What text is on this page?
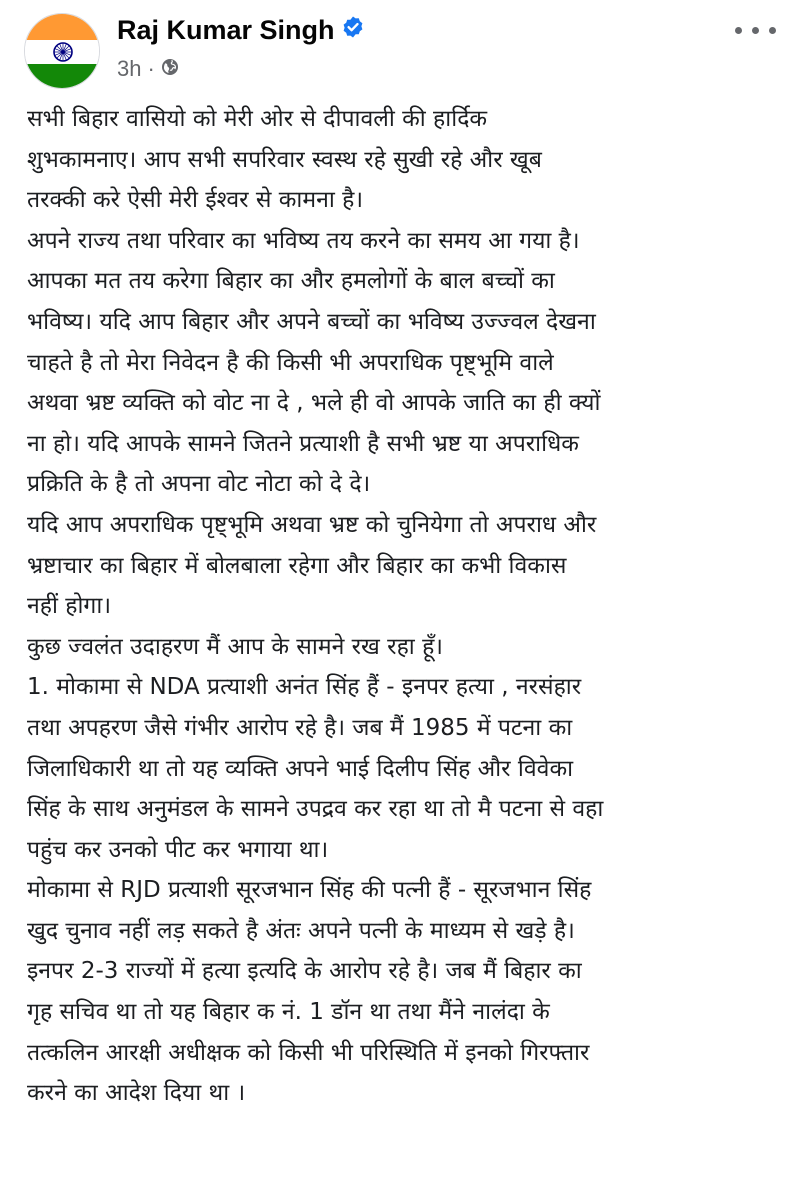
Raj Kumar Singh
3h ·
सभी बिहार वासियो को मेरी ओर से दीपावली की हार्दिक
शुभकामनाए। आप सभी सपरिवार स्वस्थ रहे सुखी रहे और खूब
तरक्की करे ऐसी मेरी ईश्वर से कामना है।
अपने राज्य तथा परिवार का भविष्य तय करने का समय आ गया है।
आपका मत तय करेगा बिहार का और हमलोगों के बाल बच्चों का
भविष्य। यदि आप बिहार और अपने बच्चों का भविष्य उज्ज्वल देखना
चाहते है तो मेरा निवेदन है की किसी भी अपराधिक पृष्ट्भूमि वाले
अथवा भ्रष्ट व्यक्ति को वोट ना दे , भले ही वो आपके जाति का ही क्यों
ना हो। यदि आपके सामने जितने प्रत्याशी है सभी भ्रष्ट या अपराधिक
प्रक्रिति के है तो अपना वोट नोटा को दे दे।
यदि आप अपराधिक पृष्ट्भूमि अथवा भ्रष्ट को चुनियेगा तो अपराध और
भ्रष्टाचार का बिहार में बोलबाला रहेगा और बिहार का कभी विकास
नहीं होगा।
कुछ ज्वलंत उदाहरण मैं आप के सामने रख रहा हूँ।
1. मोकामा से NDA प्रत्याशी अनंत सिंह हैं - इनपर हत्या , नरसंहार
तथा अपहरण जैसे गंभीर आरोप रहे है। जब मैं 1985 में पटना का
जिलाधिकारी था तो यह व्यक्ति अपने भाई दिलीप सिंह और विवेका
सिंह के साथ अनुमंडल के सामने उपद्रव कर रहा था तो मै पटना से वहा
पहुंच कर उनको पीट कर भगाया था।
मोकामा से RJD प्रत्याशी सूरजभान सिंह की पत्नी हैं - सूरजभान सिंह
खुद चुनाव नहीं लड़ सकते है अंतः अपने पत्नी के माध्यम से खड़े है।
इनपर 2-3 राज्यों में हत्या इत्यदि के आरोप रहे है। जब मैं बिहार का
गृह सचिव था तो यह बिहार क नं. 1 डॉन था तथा मैंने नालंदा के
तत्कलिन आरक्षी अधीक्षक को किसी भी परिस्थिति में इनको गिरफ्तार
करने का आदेश दिया था ।
